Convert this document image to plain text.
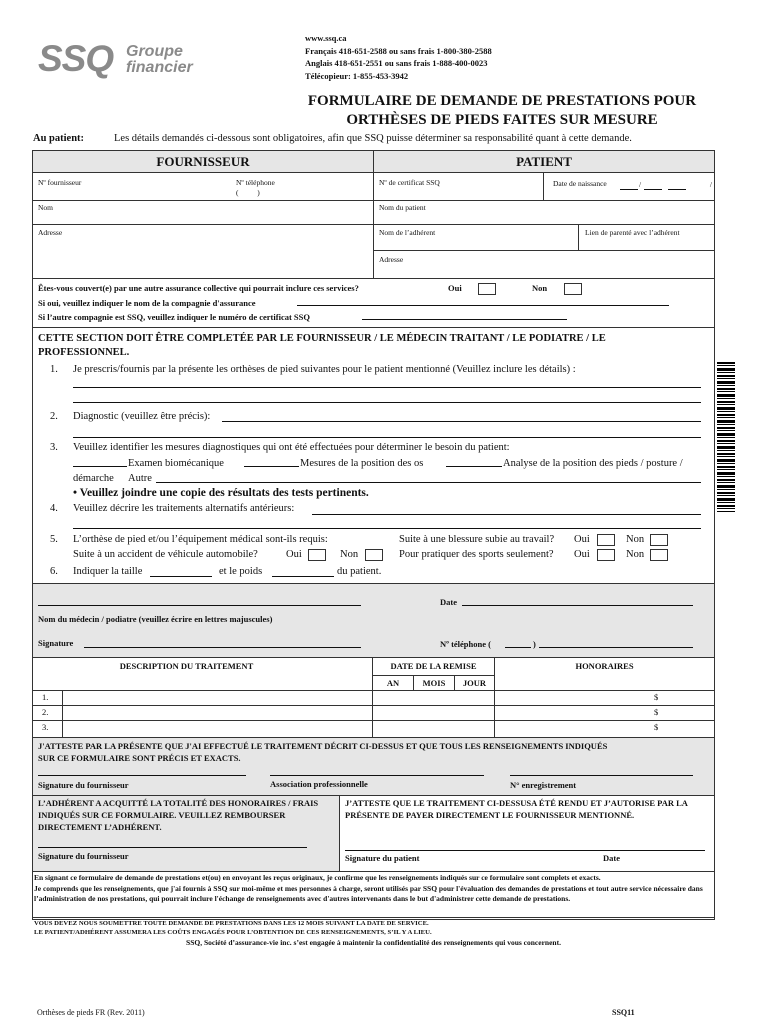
SSQ Groupe
financier
www.ssq.ca
Français 418-651-2588 ou sans frais 1-800-380-2588
Anglais 418-651-2551 ou sans frais 1-888-400-0023
Télécopieur: 1-855-453-3942
FORMULAIRE DE DEMANDE DE PRESTATIONS POUR
ORTHÈSES DE PIEDS FAITES SUR MESURE
Au patient:	Les détails demandés ci-dessous sont obligatoires, afin que SSQ puisse déterminer sa responsabilité quant à cette demande.
FOURNISSEUR	PATIENT
Nº fournisseur	Nº téléphone
(          )
Nom
Adresse
Nº de certificat SSQ	Date de naissance	/          /
Nom du patient
Nom de l’adhérent	Lien de parenté avec l’adhérent
Adresse
Êtes-vous couvert(e) par une autre assurance collective qui pourrait inclure ces services?	Oui	Non
Si oui, veuillez indiquer le nom de la compagnie d'assurance
Si l’autre compagnie est SSQ, veuillez indiquer le numéro de certificat SSQ
CETTE SECTION DOIT ÊTRE COMPLETÉE PAR LE FOURNISSEUR / LE MÉDECIN TRAITANT / LE PODIATRE / LE
PROFESSIONNEL.
1. Je prescris/fournis par la présente les orthèses de pied suivantes pour le patient mentionné (Veuillez inclure les détails) :
2. Diagnostic (veuillez être précis):
3. Veuillez identifier les mesures diagnostiques qui ont été effectuées pour déterminer le besoin du patient:
Examen biomécanique	Mesures de la position des os	Analyse de la position des pieds / posture /
démarche Autre
• Veuillez joindre une copie des résultats des tests pertinents.
4. Veuillez décrire les traitements alternatifs antérieurs:
5. L’orthèse de pied et/ou l’équipement médical sont-ils requis:	Suite à une blessure subie au travail? Oui	Non
Suite à un accident de véhicule automobile?	Oui	Non	Pour pratiquer des sports seulement? Oui	Non
6. Indiquer la taille	et le poids	du patient.
Date
Nom du médecin / podiatre (veuillez écrire en lettres majuscules)
Signature	Nº téléphone (	)
DESCRIPTION DU TRAITEMENT	DATE DE LA REMISE	HONORAIRES
AN	MOIS	JOUR
1.	$
2.	$
3.	$
J'ATTESTE PAR LA PRÉSENTE QUE J'AI EFFECTUÉ LE TRAITEMENT DÉCRIT CI-DESSUS ET QUE TOUS LES RENSEIGNEMENTS INDIQUÉS
SUR CE FORMULAIRE SONT PRÉCIS ET EXACTS.
Signature du fournisseur	Association professionnelle	N° enregistrement
L’ADHÉRENT A ACQUITTÉ LA TOTALITÉ DES HONORAIRES / FRAIS INDIQUÉS SUR CE FORMULAIRE. VEUILLEZ REMBOURSER DIRECTEMENT L’ADHÉRENT.
Signature du fournisseur
J’ATTESTE QUE LE TRAITEMENT CI-DESSUSA ÉTÉ RENDU ET J’AUTORISE PAR LA PRÉSENTE DE PAYER DIRECTEMENT LE FOURNISSEUR MENTIONNÉ.
Signature du patient	Date
En signant ce formulaire de demande de prestations et(ou) en envoyant les reçus originaux, je confirme que les renseignements indiqués sur ce formulaire sont complets et exacts.
Je comprends que les renseignements, que j'ai fournis à SSQ sur moi-même et mes personnes à charge, seront utilisés par SSQ pour l'évaluation des demandes de prestations et tout autre service nécessaire dans l’administration de nos prestations, qui pourrait inclure l'échange de renseignements avec d'autres intervenants dans le but d'administrer cette demande de prestations.
VOUS DEVEZ NOUS SOUMETTRE TOUTE DEMANDE DE PRESTATIONS DANS LES 12 MOIS SUIVANT LA DATE DE SERVICE.
LE PATIENT/ADHÉRENT ASSUMERA LES COÛTS ENGAGÉS POUR L’OBTENTION DE CES RENSEIGNEMENTS, S’IL Y A LIEU.
SSQ, Société d’assurance-vie inc. s’est engagée à maintenir la confidentialité des renseignements qui vous concernent.
Orthèses de pieds FR (Rev. 2011)	SSQ11
